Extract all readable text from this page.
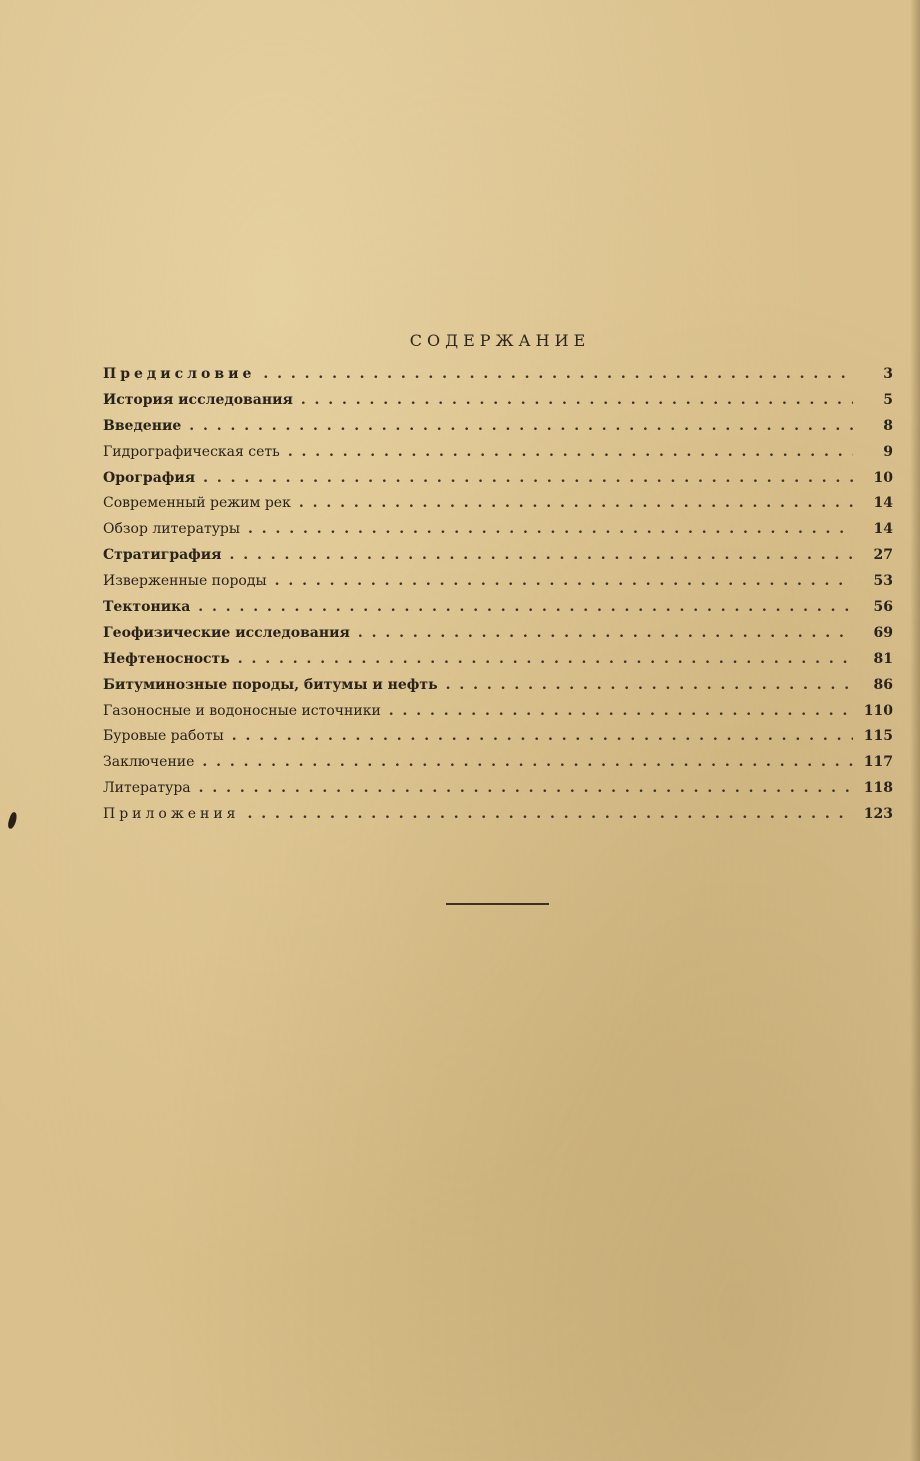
СОДЕРЖАНИЕ
Предисловие . . .	3
История исследования . . .	5
Введение . . .	8
Гидрографическая сеть . . .	9
Орография . . .	10
Современный режим рек . . .	14
Обзор литературы . . .	14
Стратиграфия . . .	27
Изверженные породы . . .	53
Тектоника . . .	56
Геофизические исследования . . .	69
Нефтеносность . . .	81
Битуминозные породы, битумы и нефть . . .	86
Газоносные и водоносные источники . . .	110
Буровые работы . . .	115
Заключение . . .	117
Литература . . .	118
Приложения . . .	123
